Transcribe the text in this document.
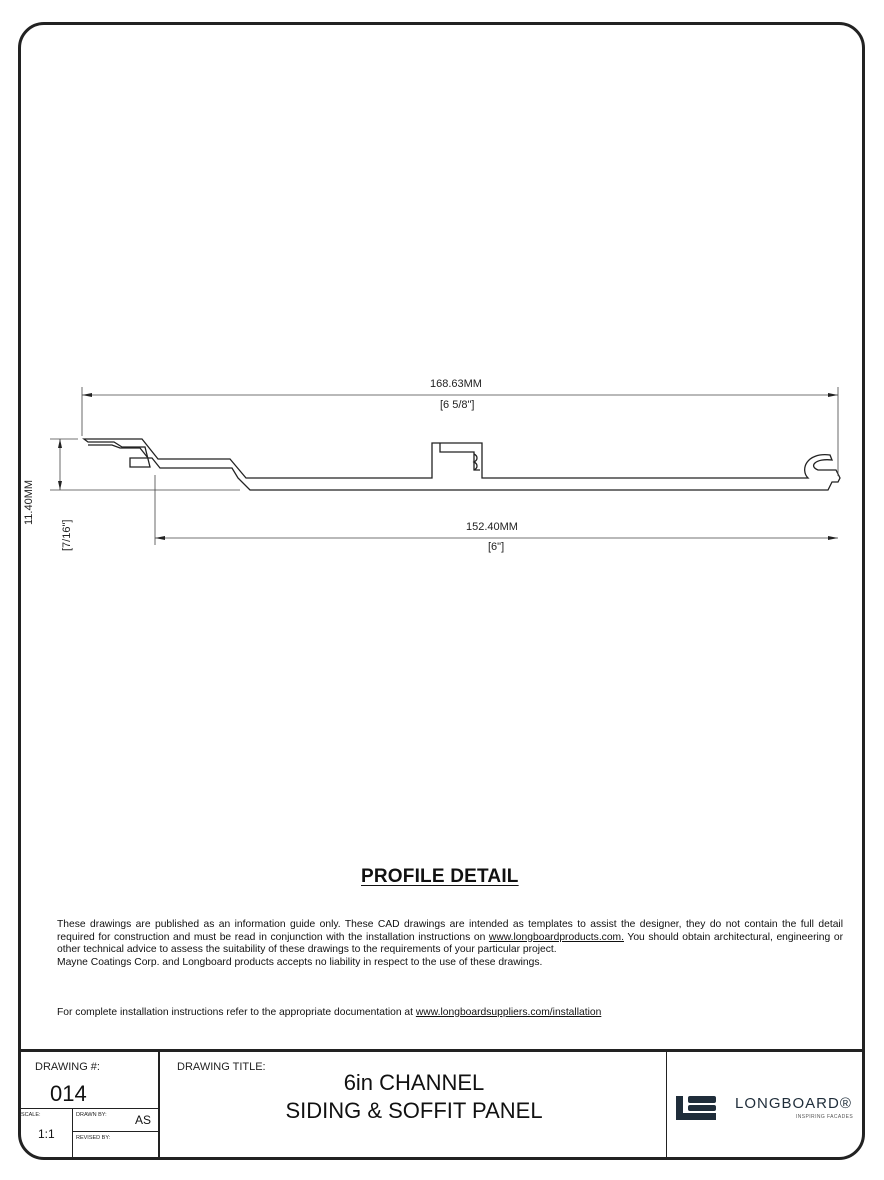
168.63MM
[6 5/8"]
152.40MM
[6"]
11.40MM
[7/16"]
PROFILE DETAIL

These drawings are published as an information guide only. These CAD drawings are intended as templates to assist the designer, they do not contain the full detail required for construction and must be read in conjunction with the installation instructions on www.longboardproducts.com. You should obtain architectural, engineering or other technical advice to assess the suitability of these drawings to the requirements of your particular project.

Mayne Coatings Corp. and Longboard products accepts no liability in respect to the use of these drawings.

For complete installation instructions refer to the appropriate documentation at www.longboardsuppliers.com/installation
DRAWING #:
014
SCALE:
1:1
DRAWN BY: AS
REVISED BY:
DRAWING TITLE:
6in CHANNEL
SIDING & SOFFIT PANEL	LONGBOARD®
INSPIRING FACADES
